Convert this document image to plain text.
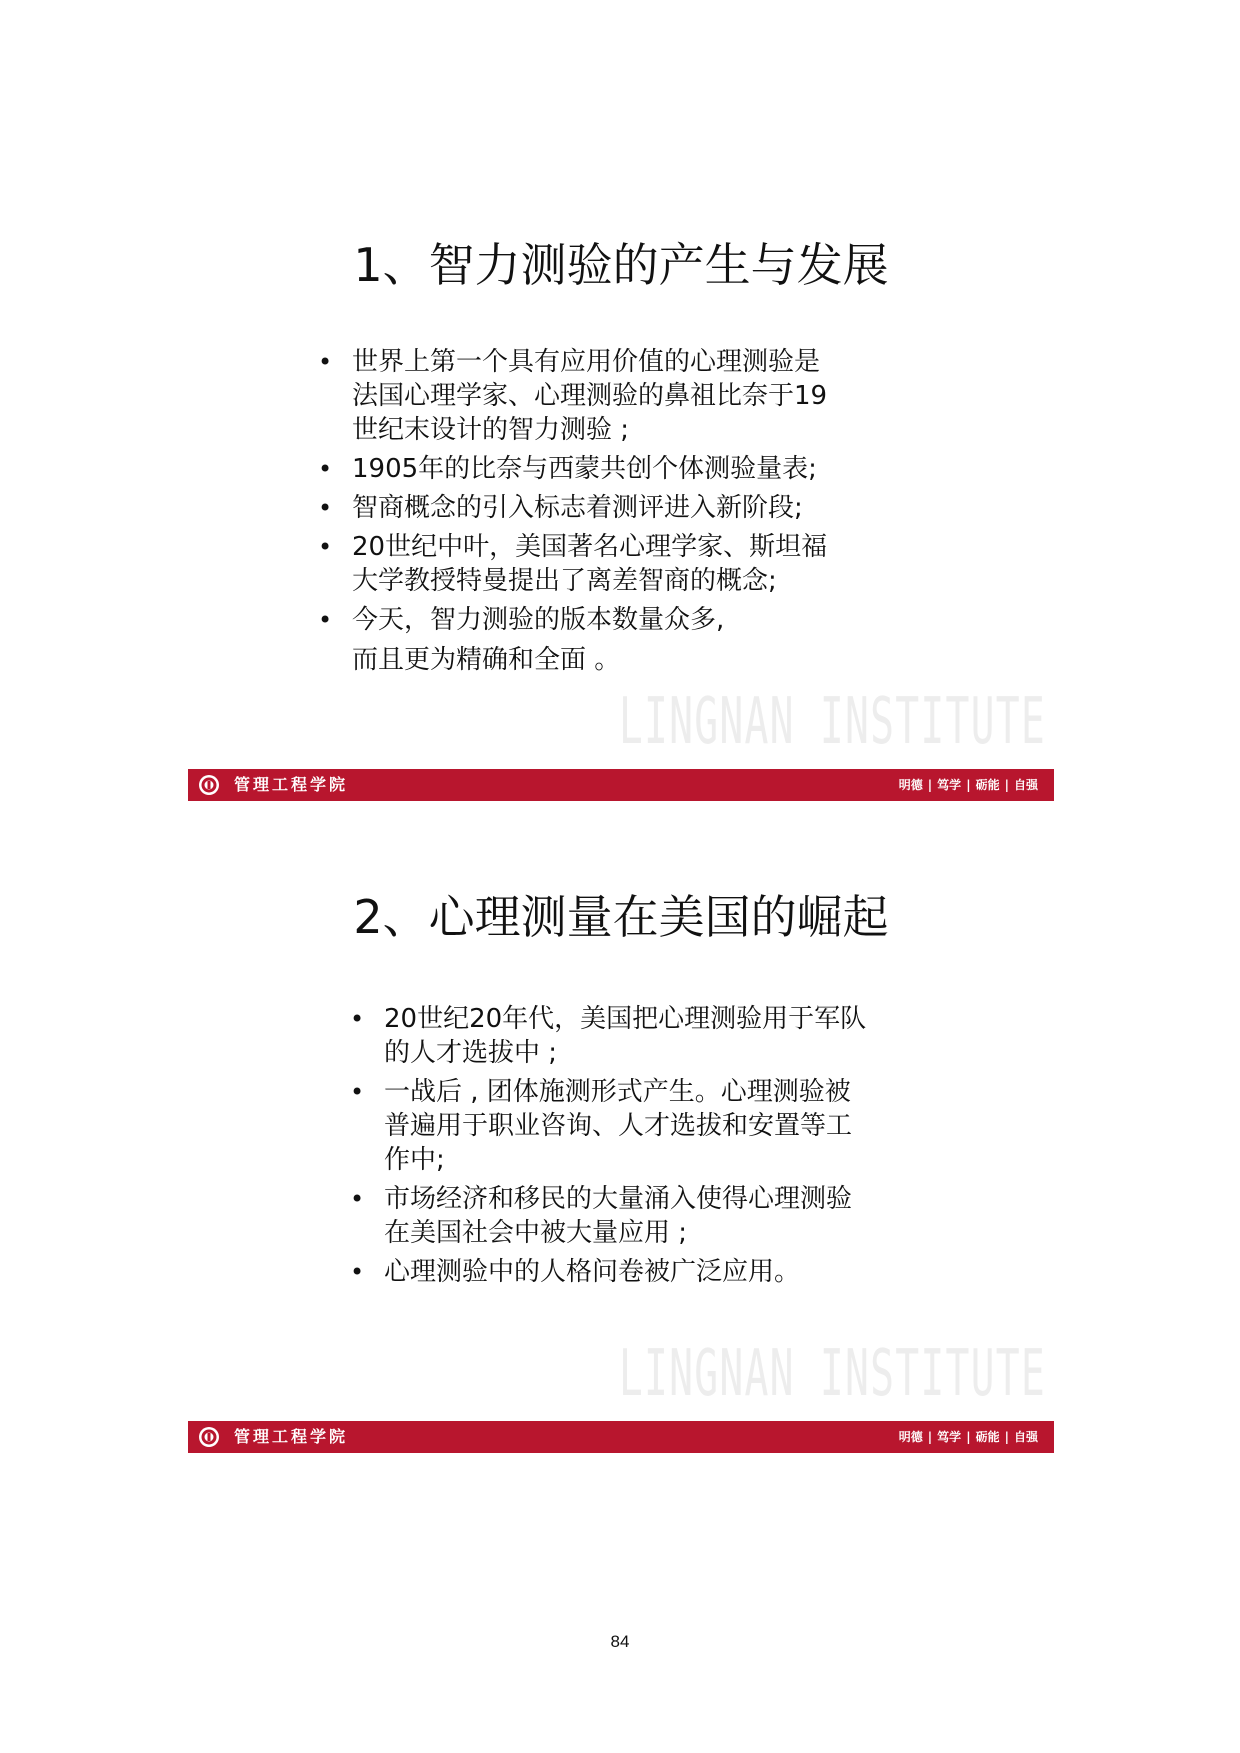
1、智力测验的产生与发展
• 世界上第一个具有应用价值的心理测验是
法国心理学家、心理测验的鼻祖比奈于19
世纪末设计的智力测验 ;
• 1905年的比奈与西蒙共创个体测验量表;
• 智商概念的引入标志着测评进入新阶段;
• 20世纪中叶，美国著名心理学家、斯坦福
大学教授特曼提出了离差智商的概念;
• 今天，智力测验的版本数量众多,
而且更为精确和全面 。
LINGNAN INSTITUTE
管理工程学院	明德 | 笃学 | 砺能 | 自强
2、心理测量在美国的崛起
• 20世纪20年代，美国把心理测验用于军队
的人才选拔中 ;
• 一战后 , 团体施测形式产生。心理测验被
普遍用于职业咨询、人才选拔和安置等工
作中;
• 市场经济和移民的大量涌入使得心理测验
在美国社会中被大量应用 ;
• 心理测验中的人格问卷被广泛应用。
LINGNAN INSTITUTE
管理工程学院	明德 | 笃学 | 砺能 | 自强
84
